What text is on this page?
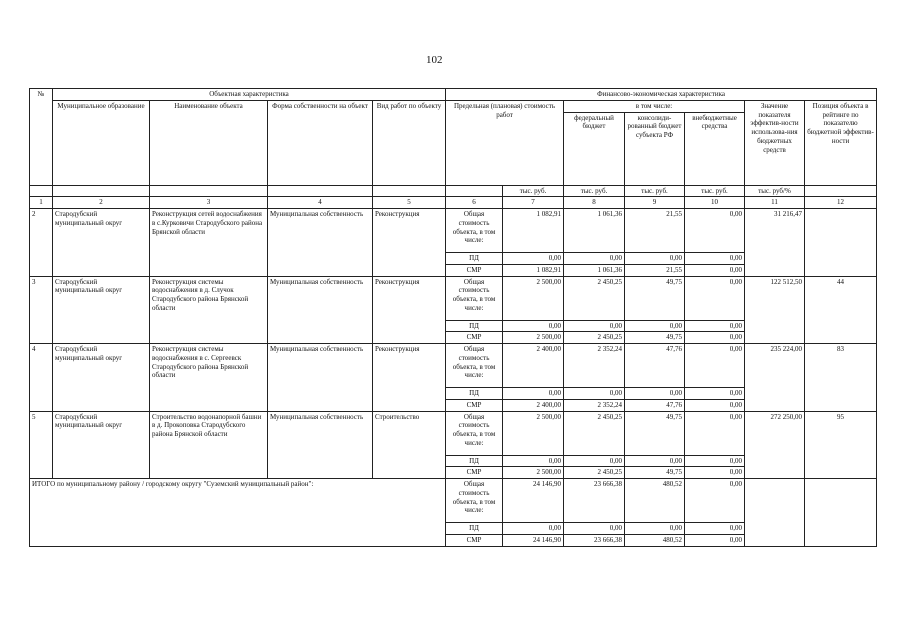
102
№	Объектная характеристика				Финансово-экономическая характеристика						
	Муниципальное образование	Наименование объекта	Форма собственности на объект	Вид работ по объекту	Предельная (плановая) стоимость работ		в том числе:			Значение показателя эффектив-ности использова-ния бюджетных средств	Позиция объекта в рейтинге по показателю бюджетной эффектив-ности
							федеральный бюджет	консолиди-рованный бюджет субъекта РФ	внебюджетные средства		
						тыс. руб.	тыс. руб.	тыс. руб.	тыс. руб.	тыс. руб/%	
1	2	3	4	5	6	7	8	9	10	11	12
2	Стародубский муниципальный округ	Реконструкция сетей водоснабжения в с.Курковичи Стародубского района Брянской области	Муниципальная собственность	Реконструкция	Общая стоимость объекта, в том числе:	1 082,91	1 061,36	21,55	0,00	31 216,47	
					ПД	0,00	0,00	0,00	0,00		
					СМР	1 082,91	1 061,36	21,55	0,00		
3	Стародубский муниципальный округ	Реконструкция системы водоснабжения в д. Случок Стародубского района Брянской области	Муниципальная собственность	Реконструкция	Общая стоимость объекта, в том числе:	2 500,00	2 450,25	49,75	0,00	122 512,50	44
					ПД	0,00	0,00	0,00	0,00		
					СМР	2 500,00	2 450,25	49,75	0,00		
4	Стародубский муниципальный округ	Реконструкция системы водоснабжения в с. Сергеевск Стародубского района Брянской области	Муниципальная собственность	Реконструкция	Общая стоимость объекта, в том числе:	2 400,00	2 352,24	47,76	0,00	235 224,00	83
					ПД	0,00	0,00	0,00	0,00		
					СМР	2 400,00	2 352,24	47,76	0,00		
5	Стародубский муниципальный округ	Строительство водонапорной башни в д. Прокоповка Стародубского района Брянской области	Муниципальная собственность	Строительство	Общая стоимость объекта, в том числе:	2 500,00	2 450,25	49,75	0,00	272 250,00	95
					ПД	0,00	0,00	0,00	0,00		
					СМР	2 500,00	2 450,25	49,75	0,00		
ИТОГО по муниципальному району / городскому округу "Суземский муниципальный район":					Общая стоимость объекта, в том числе:	24 146,90	23 666,38	480,52	0,00		
					ПД	0,00	0,00	0,00	0,00		
					СМР	24 146,90	23 666,38	480,52	0,00		
